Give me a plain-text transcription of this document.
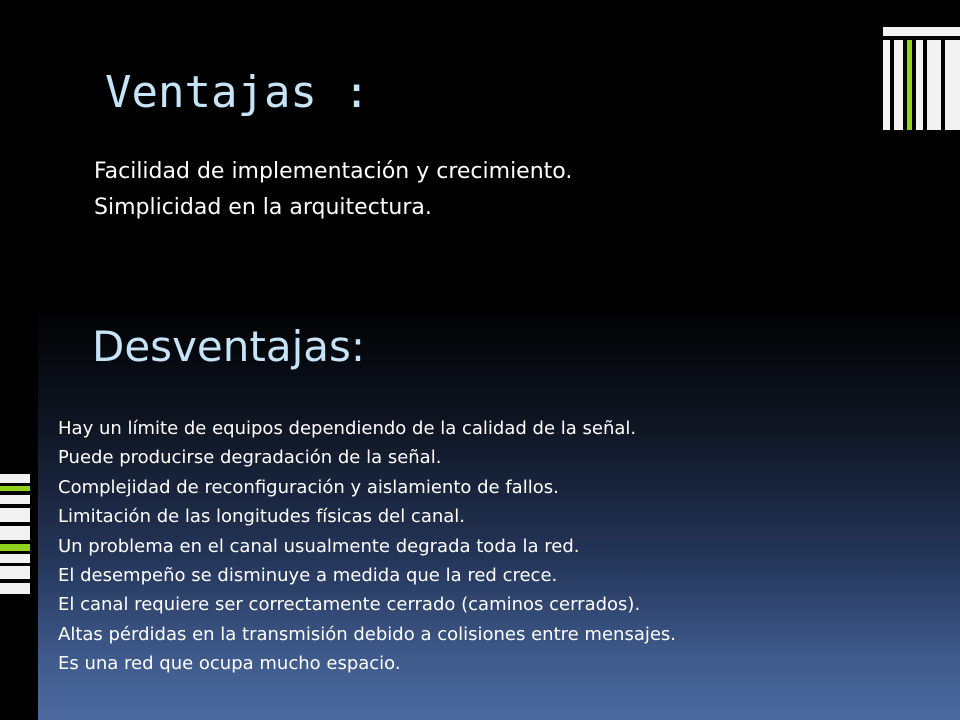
Ventajas :
Facilidad de implementación y crecimiento.
Simplicidad en la arquitectura.
Desventajas:
Hay un límite de equipos dependiendo de la calidad de la señal.
Puede producirse degradación de la señal.
Complejidad de reconfiguración y aislamiento de fallos.
Limitación de las longitudes físicas del canal.
Un problema en el canal usualmente degrada toda la red.
El desempeño se disminuye a medida que la red crece.
El canal requiere ser correctamente cerrado (caminos cerrados).
Altas pérdidas en la transmisión debido a colisiones entre mensajes.
Es una red que ocupa mucho espacio.
